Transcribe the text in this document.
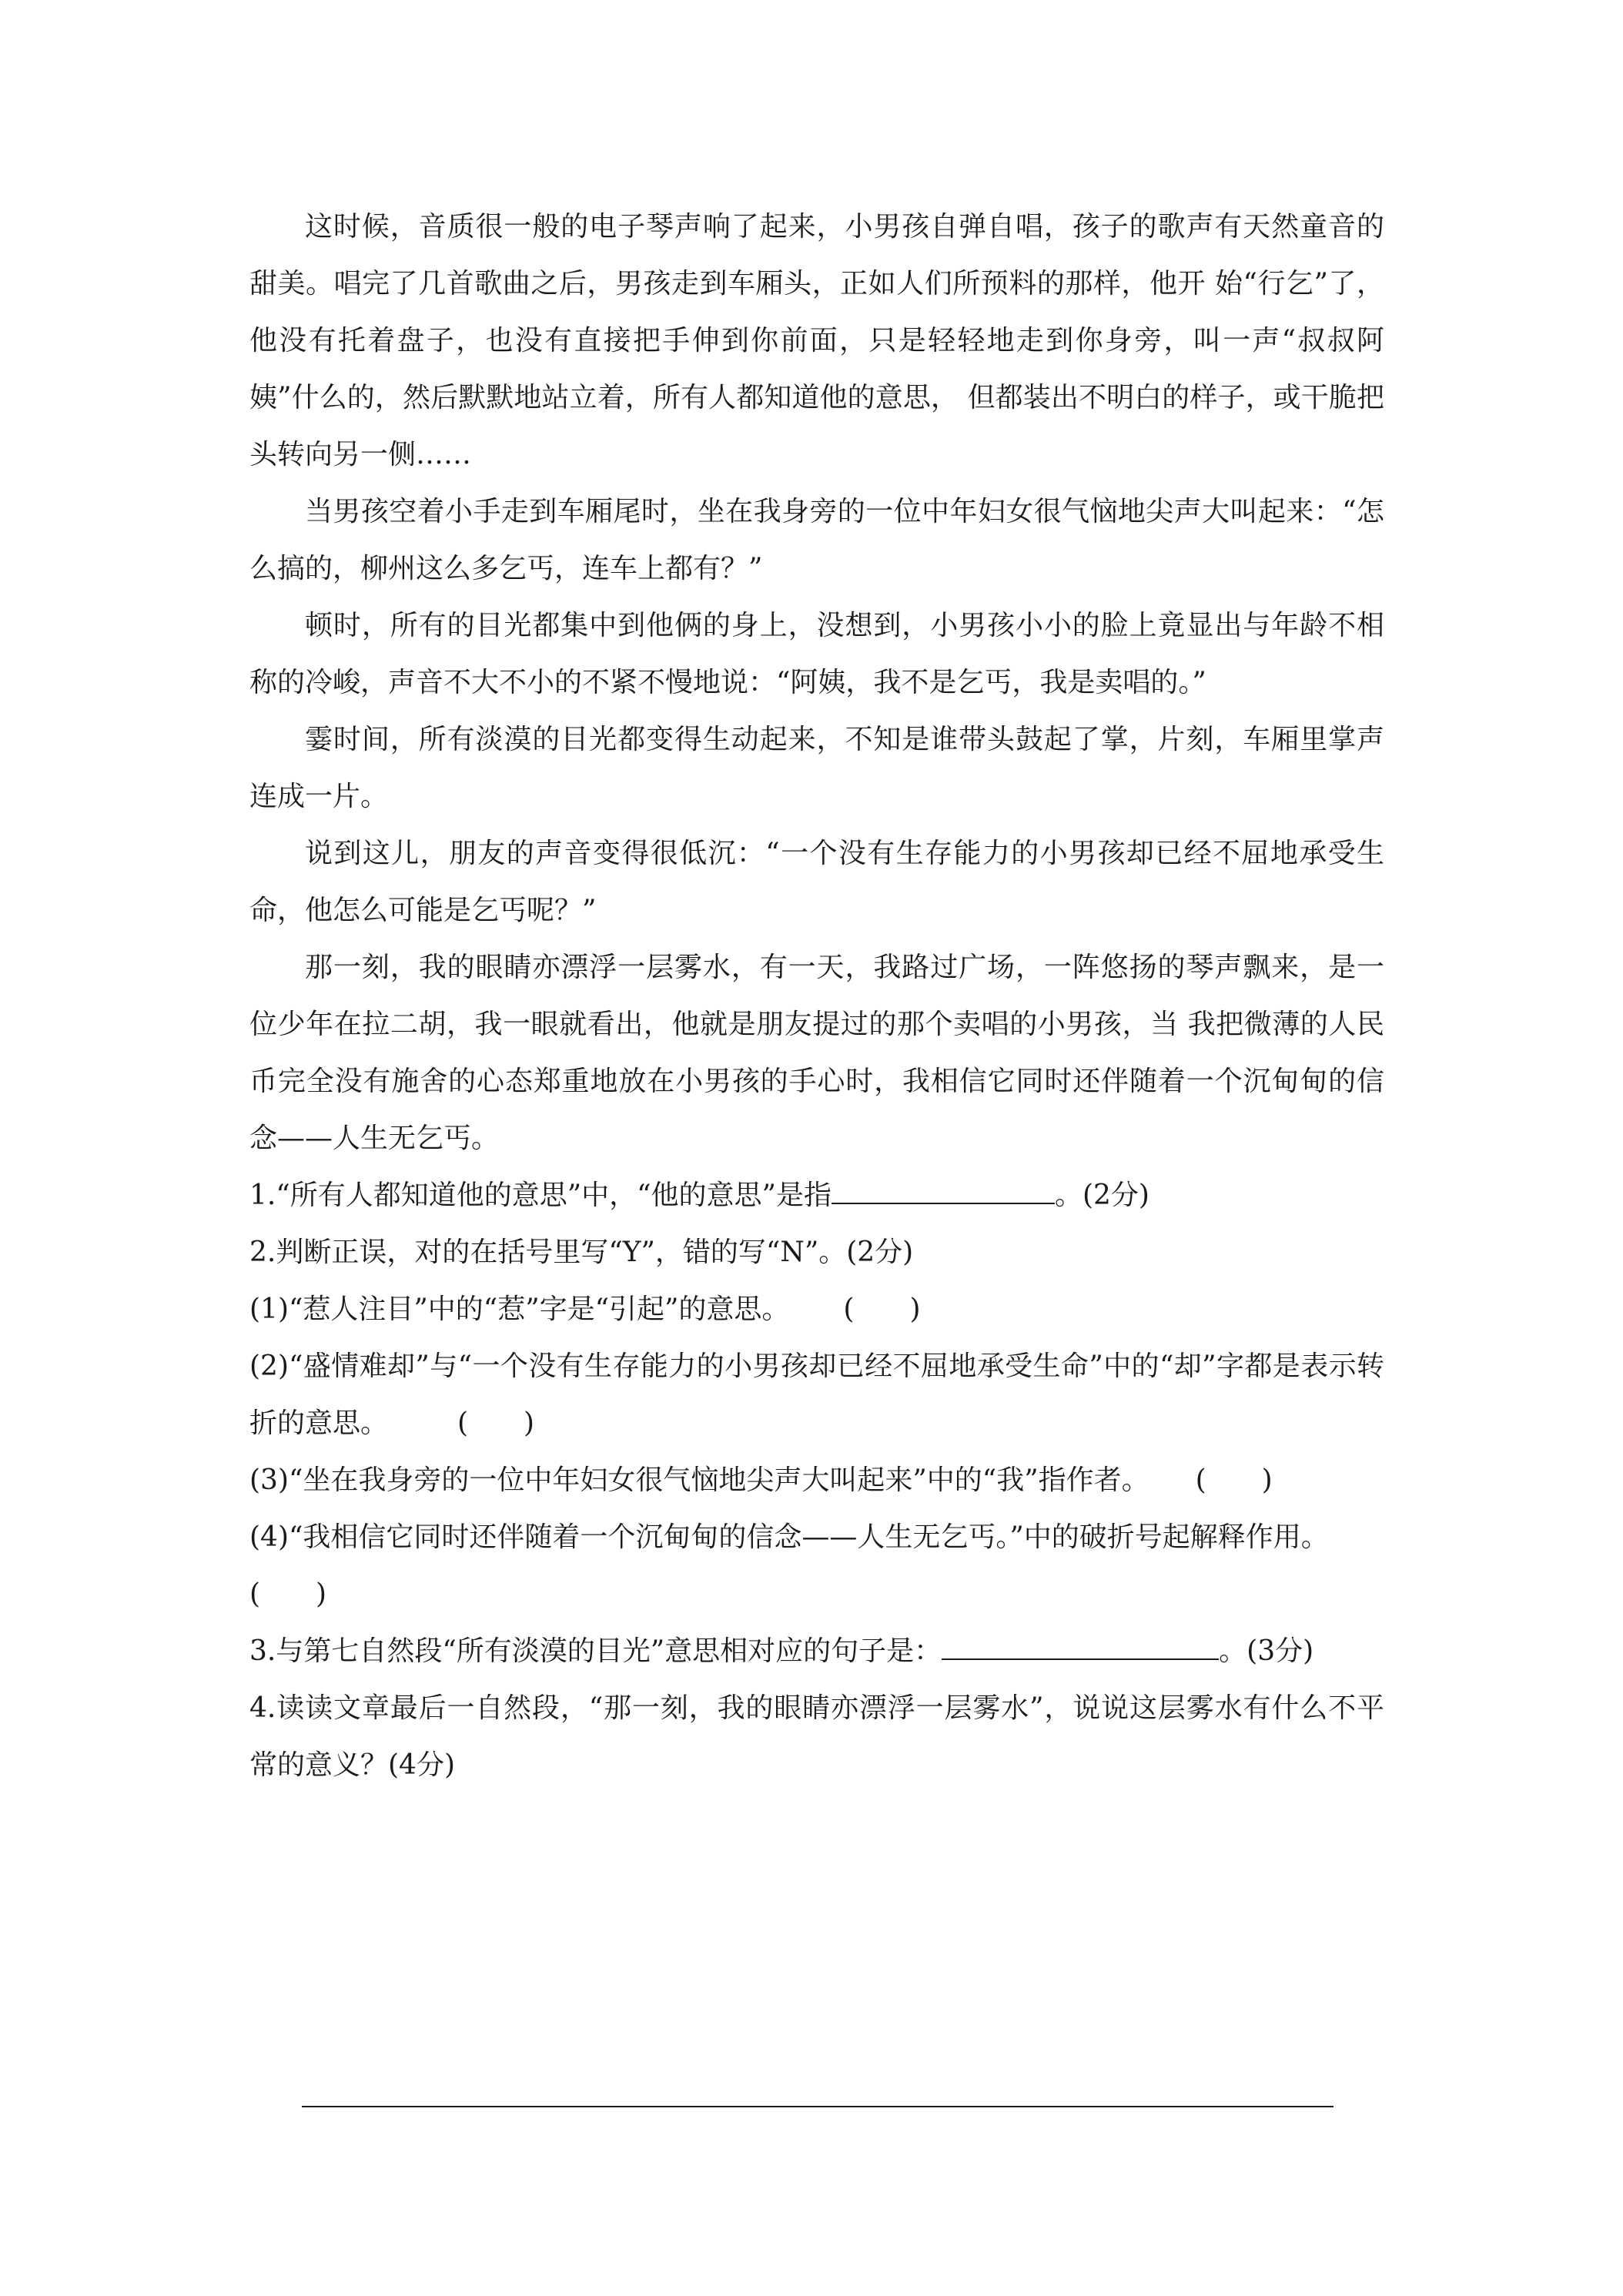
这时候，音质很一般的电子琴声响了起来，小男孩自弹自唱，孩子的歌声有天然童音的甜美。唱完了几首歌曲之后，男孩走到车厢头，正如人们所预料的那样，他开 始“行乞”了，他没有托着盘子，也没有直接把手伸到你前面，只是轻轻地走到你身旁，叫一声“叔叔阿姨”什么的，然后默默地站立着，所有人都知道他的意思， 但都装出不明白的样子，或干脆把头转向另一侧……

当男孩空着小手走到车厢尾时，坐在我身旁的一位中年妇女很气恼地尖声大叫起来：“怎么搞的，柳州这么多乞丐，连车上都有？”

顿时，所有的目光都集中到他俩的身上，没想到，小男孩小小的脸上竟显出与年龄不相称的冷峻，声音不大不小的不紧不慢地说：“阿姨，我不是乞丐，我是卖唱的。”

霎时间，所有淡漠的目光都变得生动起来，不知是谁带头鼓起了掌，片刻，车厢里掌声连成一片。

说到这儿，朋友的声音变得很低沉：“一个没有生存能力的小男孩却已经不屈地承受生命，他怎么可能是乞丐呢？”

那一刻，我的眼睛亦漂浮一层雾水，有一天，我路过广场，一阵悠扬的琴声飘来，是一位少年在拉二胡，我一眼就看出，他就是朋友提过的那个卖唱的小男孩，当 我把微薄的人民币完全没有施舍的心态郑重地放在小男孩的手心时，我相信它同时还伴随着一个沉甸甸的信念——人生无乞丐。

1.“所有人都知道他的意思”中，“他的意思”是指	。(2分)

2.判断正误，对的在括号里写“Y”，错的写“N”。(2分)

(1)“惹人注目”中的“惹”字是“引起”的意思。 (　　)

(2)“盛情难却”与“一个没有生存能力的小男孩却已经不屈地承受生命”中的“却”字都是表示转折的意思。	(　　)

(3)“坐在我身旁的一位中年妇女很气恼地尖声大叫起来”中的“我”指作者。 (　　)

(4)“我相信它同时还伴随着一个沉甸甸的信念——人生无乞丐。”中的破折号起解释作用。
(　　)

3.与第七自然段“所有淡漠的目光”意思相对应的句子是：	。(3分)

4.读读文章最后一自然段，“那一刻，我的眼睛亦漂浮一层雾水”，说说这层雾水有什么不平常的意义？(4分)
